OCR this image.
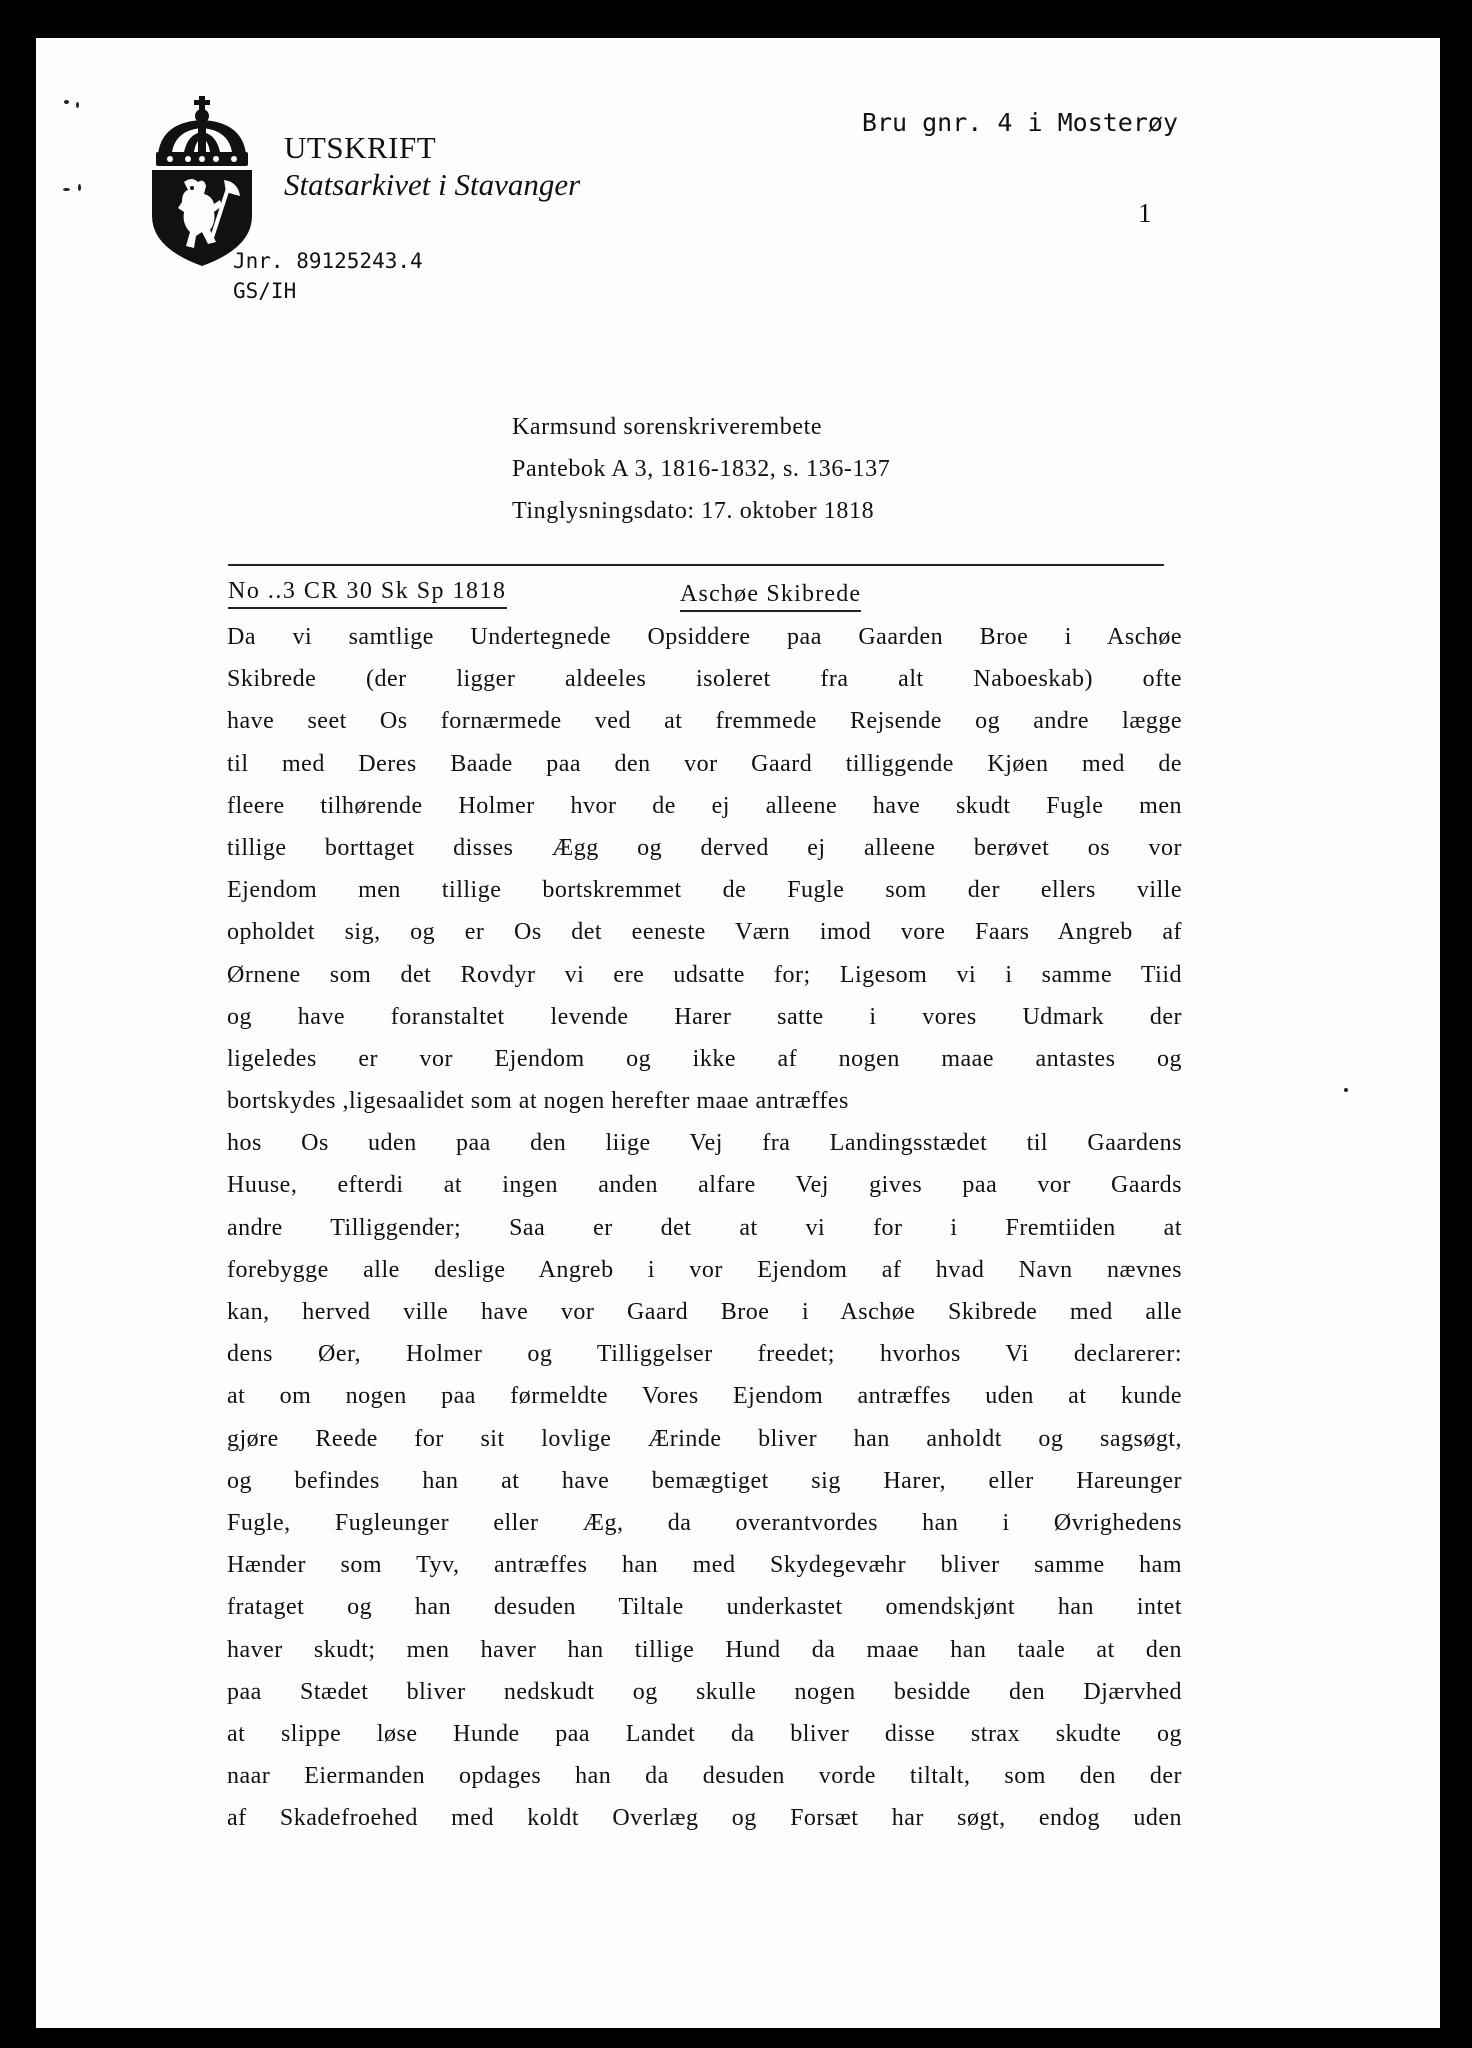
UTSKRIFT
Statsarkivet i Stavanger
Jnr. 89125243.4
GS/IH
Bru gnr. 4 i Mosterøy
1
Karmsund sorenskriverembete
Pantebok A 3, 1816-1832, s. 136-137
Tinglysningsdato: 17. oktober 1818
No ..3 CR 30 Sk Sp 1818	Aschøe Skibrede
Da vi samtlige Undertegnede Opsiddere paa Gaarden Broe i Aschøe
Skibrede (der ligger aldeeles isoleret fra alt Naboeskab) ofte
have seet Os fornærmede ved at fremmede Rejsende og andre lægge
til med Deres Baade paa den vor Gaard tilliggende Kjøen med de
fleere tilhørende Holmer hvor de ej alleene have skudt Fugle men
tillige borttaget disses Ægg og derved ej alleene berøvet os vor
Ejendom men tillige bortskremmet de Fugle som der ellers ville
opholdet sig, og er Os det eeneste Værn imod vore Faars Angreb af
Ørnene som det Rovdyr vi ere udsatte for; Ligesom vi i samme Tiid
og have foranstaltet levende Harer satte i vores Udmark der
ligeledes er vor Ejendom og ikke af nogen maae antastes og
bortskydes ,ligesaalidet som at nogen herefter maae antræffes
hos Os uden paa den liige Vej fra Landingsstædet til Gaardens
Huuse, efterdi at ingen anden alfare Vej gives paa vor Gaards
andre Tilliggender; Saa er det at vi for i Fremtiiden at
forebygge alle deslige Angreb i vor Ejendom af hvad Navn nævnes
kan, herved ville have vor Gaard Broe i Aschøe Skibrede med alle
dens Øer, Holmer og Tilliggelser freedet; hvorhos Vi declarerer:
at om nogen paa førmeldte Vores Ejendom antræffes uden at kunde
gjøre Reede for sit lovlige Ærinde bliver han anholdt og sagsøgt,
og befindes han at have bemægtiget sig Harer, eller Hareunger
Fugle, Fugleunger eller Æg, da overantvordes han i Øvrighedens
Hænder som Tyv, antræffes han med Skydegevæhr bliver samme ham
frataget og han desuden Tiltale underkastet omendskjønt han intet
haver skudt; men haver han tillige Hund da maae han taale at den
paa Stædet bliver nedskudt og skulle nogen besidde den Djærvhed
at slippe løse Hunde paa Landet da bliver disse strax skudte og
naar Eiermanden opdages han da desuden vorde tiltalt, som den der
af Skadefroehed med koldt Overlæg og Forsæt har søgt, endog uden
